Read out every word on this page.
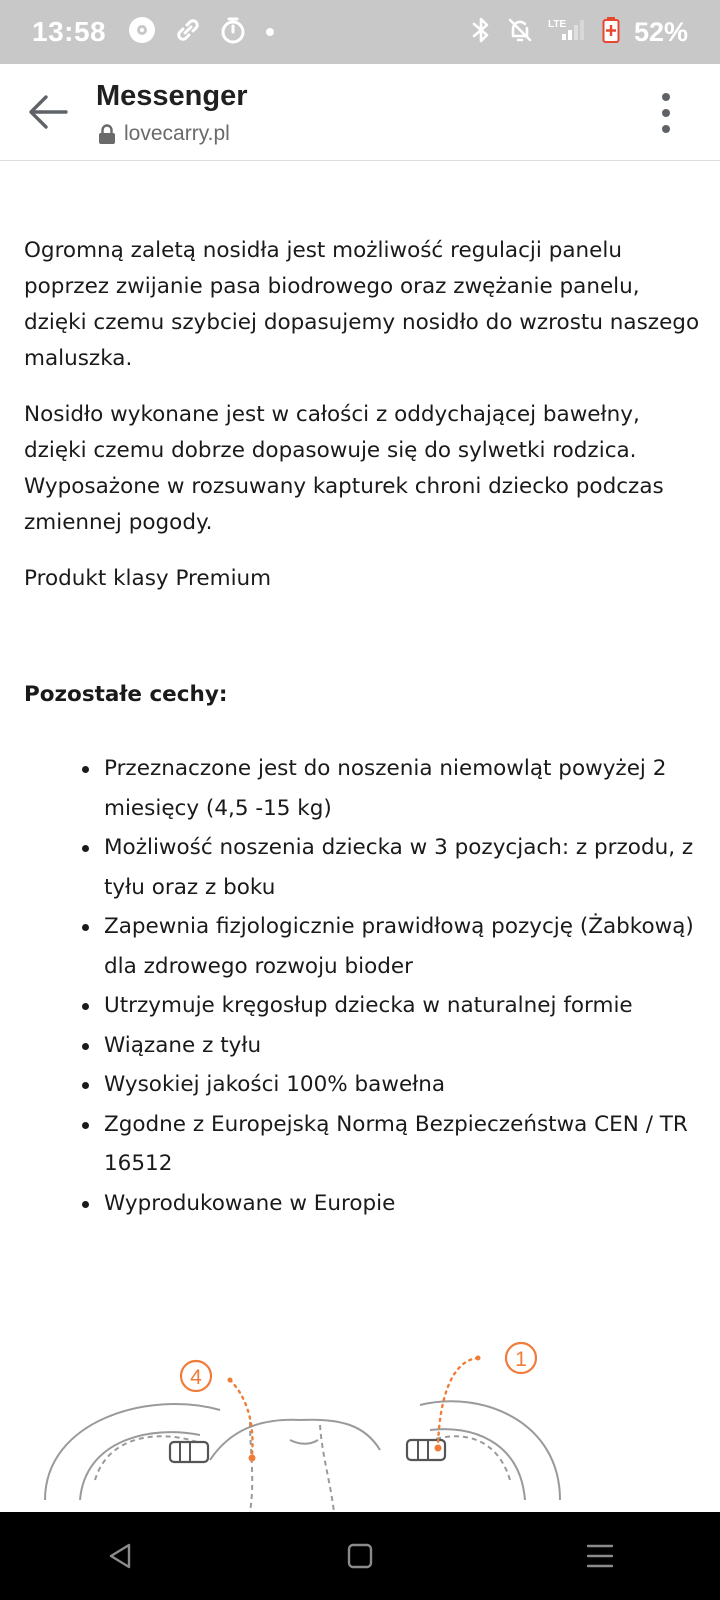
13:58	LTE	52%
Messenger
lovecarry.pl

Ogromną zaletą nosidła jest możliwość regulacji panelu poprzez zwijanie pasa biodrowego oraz zwężanie panelu, dzięki czemu szybciej dopasujemy nosidło do wzrostu naszego maluszka.

Nosidło wykonane jest w całości z oddychającej bawełny, dzięki czemu dobrze dopasowuje się do sylwetki rodzica. Wyposażone w rozsuwany kapturek chroni dziecko podczas zmiennej pogody.

Produkt klasy Premium

Pozostałe cechy:

Przeznaczone jest do noszenia niemowląt powyżej 2 miesięcy (4,5 -15 kg)
Możliwość noszenia dziecka w 3 pozycjach: z przodu, z tyłu oraz z boku
Zapewnia fizjologicznie prawidłową pozycję (Żabkową) dla zdrowego rozwoju bioder
Utrzymuje kręgosłup dziecka w naturalnej formie
Wiązane z tyłu
Wysokiej jakości 100% bawełna
Zgodne z Europejską Normą Bezpieczeństwa CEN / TR 16512
Wyprodukowane w Europie
4
1
